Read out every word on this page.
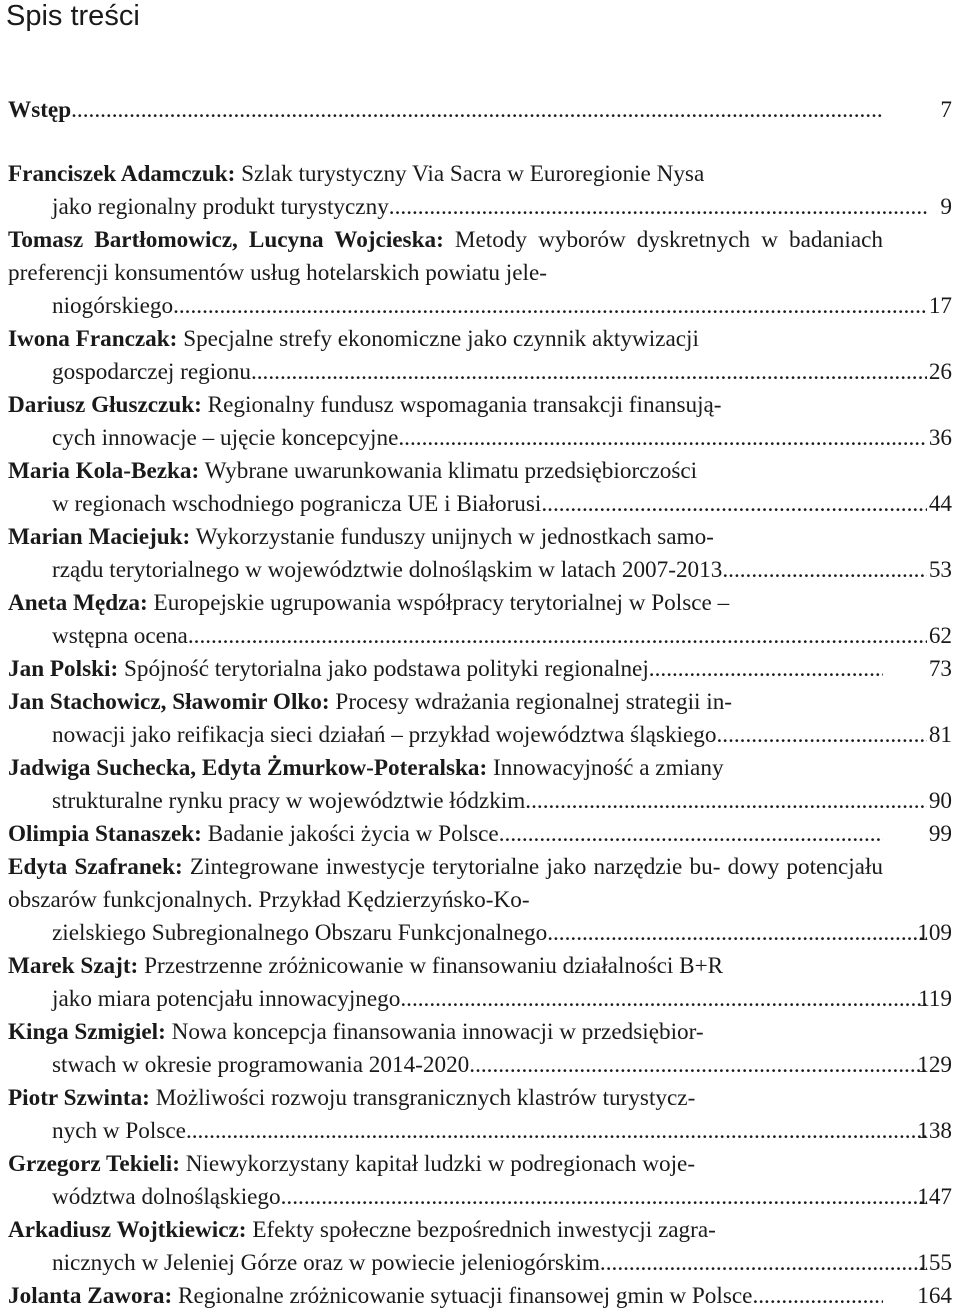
Spis treści
Wstęp .....	7
Franciszek Adamczuk: Szlak turystyczny Via Sacra w Euroregionie Nysa
jako regionalny produkt turystyczny .....	9
Tomasz Bartłomowicz, Lucyna Wojcieska: Metody wyborów dyskretnych w badaniach preferencji konsumentów usług hotelarskich powiatu jele-
niogórskiego .....	17
Iwona Franczak: Specjalne strefy ekonomiczne jako czynnik aktywizacji
gospodarczej regionu .....	26
Dariusz Głuszczuk: Regionalny fundusz wspomagania transakcji finansują-
cych innowacje – ujęcie koncepcyjne .....	36
Maria Kola-Bezka: Wybrane uwarunkowania klimatu przedsiębiorczości
w regionach wschodniego pogranicza UE i Białorusi .....	44
Marian Maciejuk: Wykorzystanie funduszy unijnych w jednostkach samo-
rządu terytorialnego w województwie dolnośląskim w latach 2007-2013 .....	53
Aneta Mędza: Europejskie ugrupowania współpracy terytorialnej w Polsce –
wstępna ocena .....	62
Jan Polski:
Spójność terytorialna jako podstawa polityki regionalnej .....	73
Jan Stachowicz, Sławomir Olko: Procesy wdrażania regionalnej strategii in-
nowacji jako reifikacja sieci działań – przykład województwa śląskiego .....	81
Jadwiga Suchecka, Edyta Żmurkow-Poteralska: Innowacyjność a zmiany
strukturalne rynku pracy w województwie łódzkim .....	90
Olimpia Stanaszek:
Badanie jakości życia w Polsce .....	99
Edyta Szafranek: Zintegrowane inwestycje terytorialne jako narzędzie bu- dowy potencjału obszarów funkcjonalnych. Przykład Kędzierzyńsko-Ko-
zielskiego Subregionalnego Obszaru Funkcjonalnego .....	109
Marek Szajt: Przestrzenne zróżnicowanie w finansowaniu działalności B+R
jako miara potencjału innowacyjnego .....	119
Kinga Szmigiel: Nowa koncepcja finansowania innowacji w przedsiębior-
stwach w okresie programowania 2014-2020 .....	129
Piotr Szwinta: Możliwości rozwoju transgranicznych klastrów turystycz-
nych w Polsce .....	138
Grzegorz Tekieli: Niewykorzystany kapitał ludzki w podregionach woje-
wództwa dolnośląskiego .....	147
Arkadiusz Wojtkiewicz: Efekty społeczne bezpośrednich inwestycji zagra-
nicznych w Jeleniej Górze oraz w powiecie jeleniogórskim .....	155
Jolanta Zawora:
Regionalne zróżnicowanie sytuacji finansowej gmin w Polsce .....	164
